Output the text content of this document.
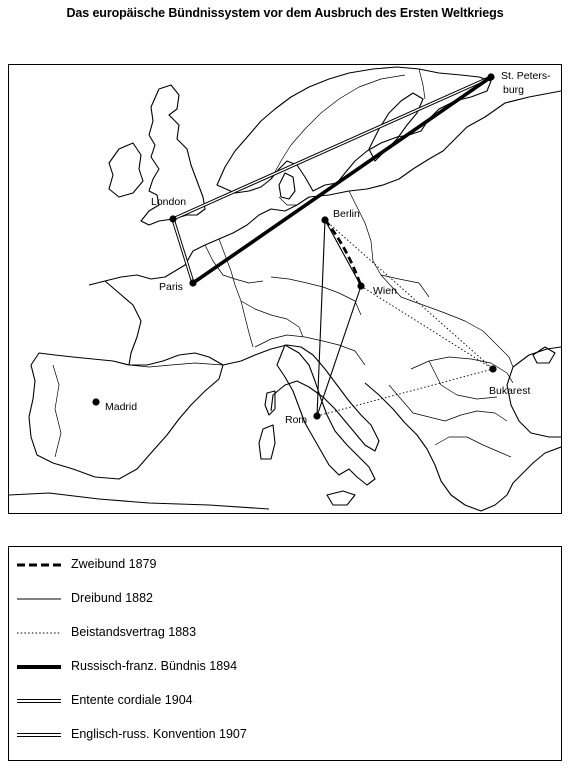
Das europäische Bündnissystem vor dem Ausbruch des Ersten Weltkriegs
St. Peters-
burg
London
Paris
Berlin
Wien
Bukarest
Rom
Madrid
Zweibund 1879
Dreibund 1882
Beistandsvertrag 1883
Russisch-franz. Bündnis 1894
Entente cordiale 1904
Englisch-russ. Konvention 1907
